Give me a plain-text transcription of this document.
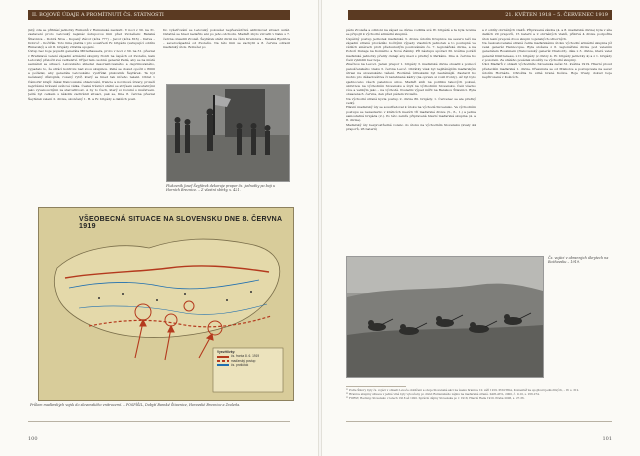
II. BOJOVÉ ÚDAJE A PROMÍTNUTÍ ČS. STÁTNOSTI

jistý, zda se přihlásí jednotky Rumunů v Rumunské zastavit. V noci z 30. na 31. zastavení proto Letovský nejsnáz ústupovou linii před Zvoleňem: Banská Štiavnica – Dobrá Niva – Kopaný Závor (kóta 777) – Javor (kóta 816) – Detva – Dobroč – Kočiřák. Toto linie platila i pro soustředí IV. brigádu (ustupující oddílu Rimavský) a síl II. brigády ztratila spojení.

Ústup bez boje popudil generála Mittelhausera, proto v noci z 30. na 31. převzal v Bratislavě velení západní armádní skupiny fronti na úspěch od Zvoleňu, kam Letovský přeložil své velitelství. Příjel tam osobně generál Pellé, aby se na místě seznámil se situací. Letovského shledal desorientovaného a deprimovaného, vypadalo to, že strácí kontrolu nad svou skupinou. Pellé se dosud opožil o 8000 a požádal, aby generála Letovského vystřídal plukovník Šeyfárek. Ta byl nečekaný důstojník, rozený rytíř, který se hned tak ničeho nelekl. Obrat v Čámorkr krajů: žákal francouzské ohledování, francie a novinové útvary, proleží nejvítězné hrávaní světové válka. Česká trávníci státní se strýsem samostatnými jako vyvanoucnými za starostlivost. A by to Čech, který si rozumí s mužstvem. Ještě byl celkem s několik zachránit situaci, pak se, Dne 8. června převzal Šeyfárek velení 2. divize, skončený 1. B. a IV. brigády a dalších posil.

Do vyšetřování se Letovský pokoušel nepřesvědčivé aktivizovat situaci ustát. Ostatně se hned nedařilo ani po jeho odchodu. Maďaři zbylo vzrostli v tlaku s 7. června obsadili Zvoleň. Šeyfárek stáhl divizi na čáru Kremnica – Banská Bystrica – severozápadně od Zvoleňu. Na této linii se zachytil a 8. června odrazil maďarský útok. Bohužel po

Plukovník Josef Šeyfárek dekoruje prapor čs. jednotky po boji u Horních Breznice. – Z vlastní sbírky, s. 421.
VŠEOBECNÁ SITUACE NA SLOVENSKU DNE 8. ČERVNA 1919
Vysvětlivky:
čs. fronta 8. 6. 1919
maďarský postup
čs. protiútok
Průlom maďarských vojsk do slovenského vnitrozemí. – POSPÍŠIL, Dobytí Banské Štiavnice, Horavské Breznice a Zvoleňa.
100
21. KVĚTEN 1918 – 5. ČERVENEC 1919

pádu Zvoleňa a odkloni na západ se dívise vodilila své IV. brigádě a ta byla novma se připojit k východní armádní skupině.

Úspěšný postup jednotek maďarské 3. divize údolím Krupnice na severu leží na západní straně provádělo bočnými výpady vlastních jednotek a to postupně ve větších směrech proti předsunutým posilovánám čs. 7. legionářské divize, a na Pohorí Dunaje na Komárno a Nové Zámky. Při nástupu spórazi 30. května poráží maďarské jednotky přelily dunají aby mezi s prudký k Parkánu. Dne 4. června ho Češi vyklidili bez boje.

Značnou na Levoci. Jeden prapor 1. brigády 3. maďarské divize obsadil s pomocí panoščenského vlaku 3. června Levoč. Obrátky však byl nejštěnějším maďarským útrasi na slovenského tažení. Rozlámě útruskami byl nestámější. Zastavit ho mohlo pro děšazlovětiva či narehnané kádry (na opravu si vozil fronty). Až byl bylo sjednoceno všech palebnou silou. Maďaři sníh na politiku takových pokusí, ukrutnou na východním Slovensku a útylí na východním Slovensku. Češi všecko více a velikým jako – na východě. Posledni výpad mířil na Banskou Štiavnici. Byla obsazena 6. června, den před pádem Zvoleňu.

Na východní straně kyvla postup 2. divize 80. brigády. 1. Červenec se ale prudký velký.

Hlavní maďarský úly se soustředoval k útoku na východě Slovensko. Ve východním postupu se nezastavilo v kráticích mezích tří maďarské divize (5., 6., 1.) a jedna samostatná brigáda (2.). Po této zemře připravená hlavní maďarská skupina (4. a 8. divize).

Maďarský úly bezprostředně voleno do útoku na východním Slovensku (kvaly 44 praporů, 26 baterií)

a 2 oddíly obrněných vlaků. Připravená záloha (4. a 8. maďarská divize) byla v síle dalších 20 praporů, 15 baterií a 2 obrněných vlaků, příkrvá 4 divize podpořila útok lesní prepolé dvou skupin vojenských odborných.

Na československé straně čelila maďarskému útoku východní armádní skupina jíž velel generál Hennocque. Byla složena z 6. legionářské divize pod velením generálem Rossimem (francouzský generál Chabord), dále z 3. divize, které velel generál Dmitreneau, z II. brigády (z divizy 4. IV. brigády jednotky 4) a z 1. brigády z pozorem. Ze stálého posádek sloužíly ve východní skupiny.

Úkol Maďarů v oblasti východního Slovenska začal 31. května 1919. Hlavní proud především maďarská 1. divize. Přesunula se od Miskolce a postupovala na sever údolím Hornádu. Ohrožila tu silně brané Košice. Boje trvaly, dokud boje nepřirozená v Košicích.

Čs. vojáci v obranných úkrytech na Rožňavsku – 1919.
³¹ Podle Šikory byly čs. vojáci v oblasti Levoče obklíčeni a oboje Slovenské akci na úseku hranice 10. září 1919. POLITIKA, Komentář ke spojitosti jednotlivých, – IV. s. 312.
³² Hranice skupiny situace v jedné vlně byly vyloučeny po divizi Rumunského zájmu na maďarské straně. ZAPLATIL, 2000, č. 9-10, s. 256-274.
³³ FORST, Hedwig; Slovensko v letech 1918 až 1920. Správní dějiny Slovenska po r. 1918, Hlavní Rada 1919. Praha 2006, s. 27-36.
101
